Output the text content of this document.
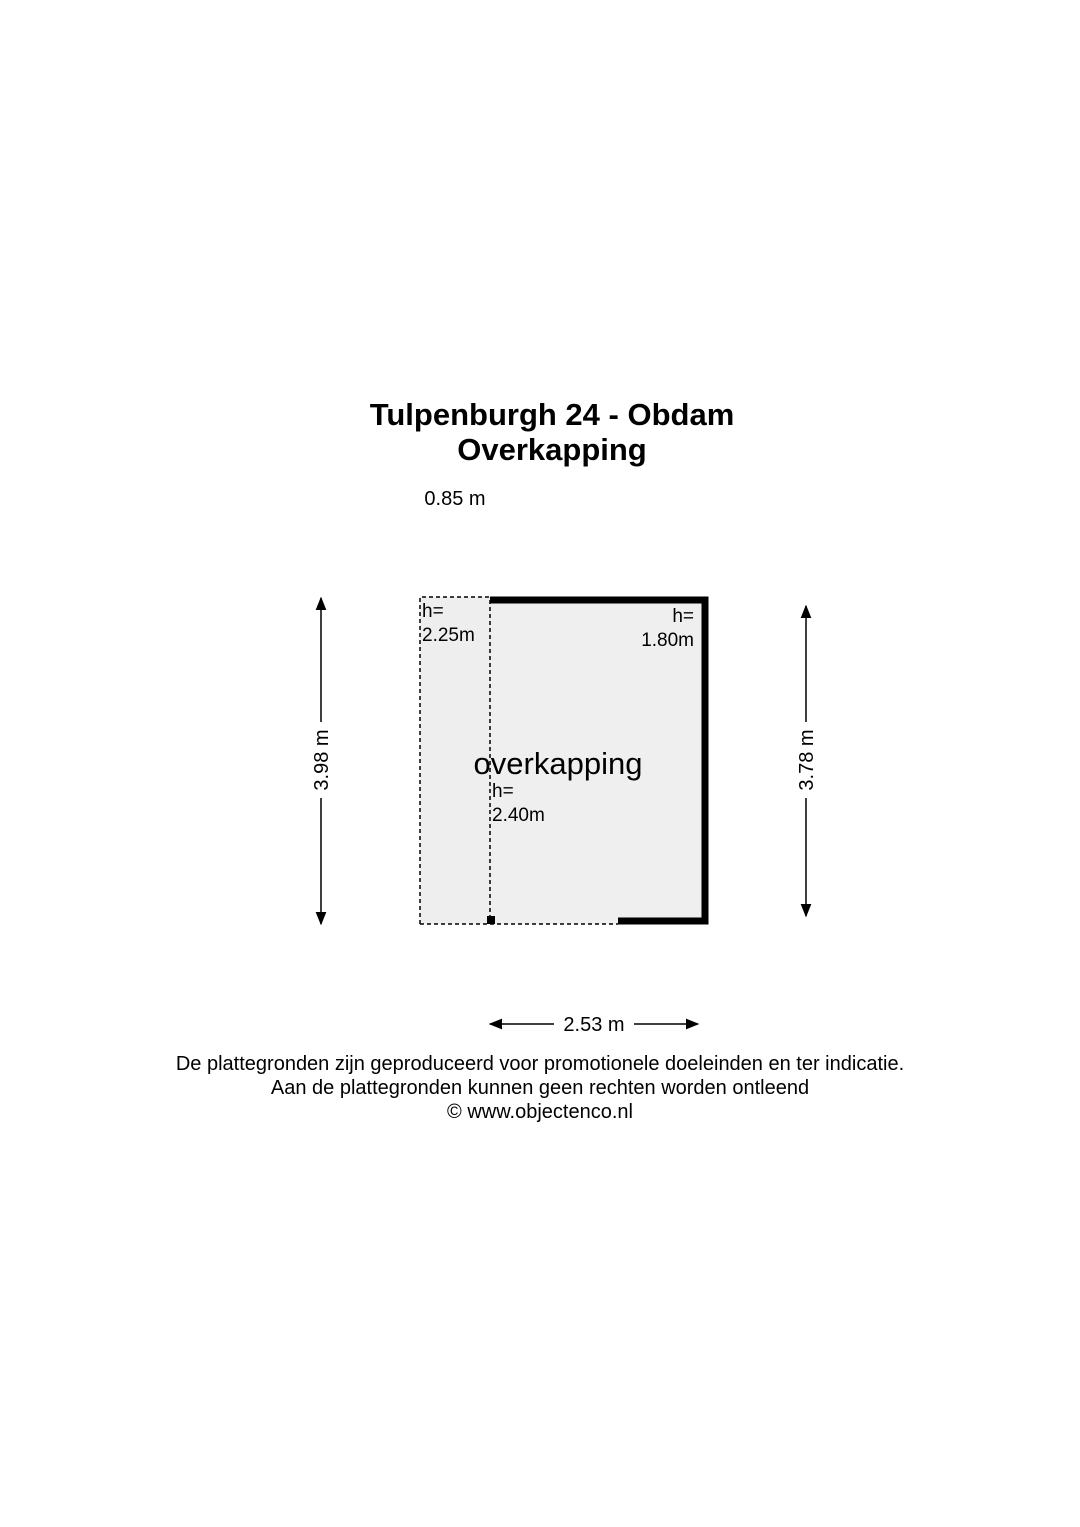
Tulpenburgh 24 - Obdam
Overkapping
0.85 m
3.98 m	3.78 m
2.53 m
h=
2.25m
h=
1.80m
overkapping
h=
2.40m

De plattegronden zijn geproduceerd voor promotionele doeleinden en ter indicatie.

Aan de plattegronden kunnen geen rechten worden ontleend

© www.objectenco.nl
